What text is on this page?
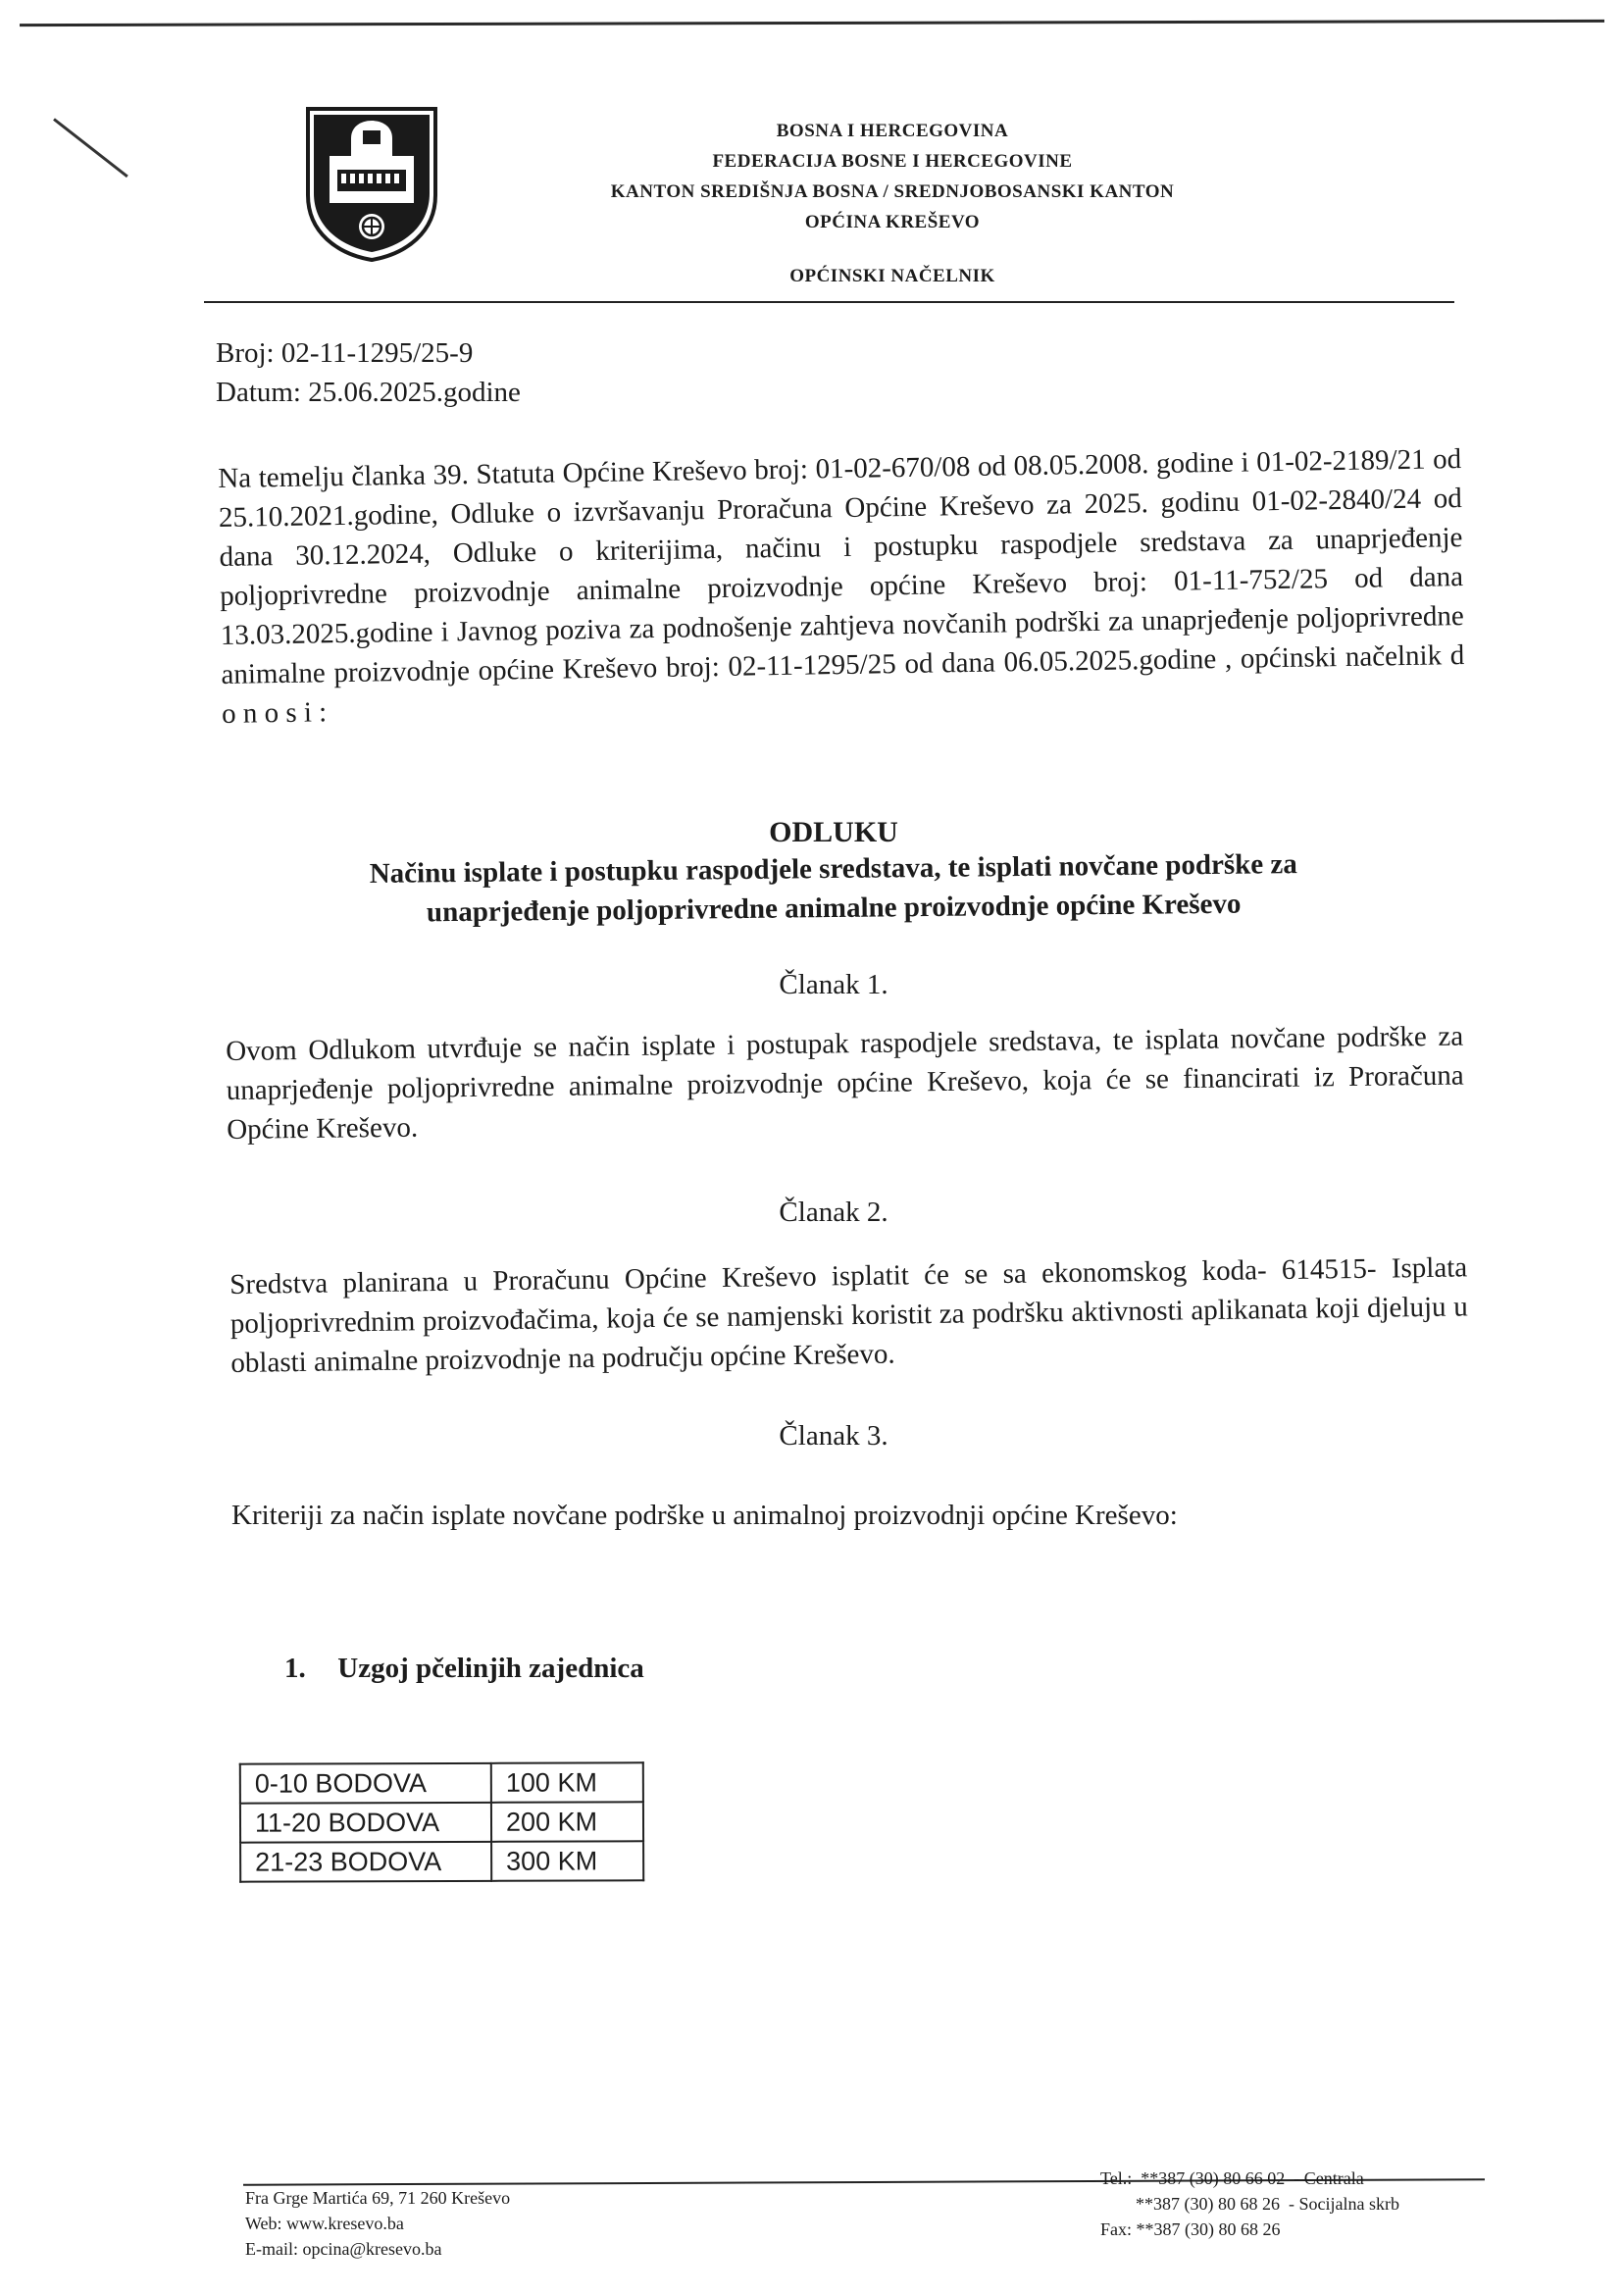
BOSNA I HERCEGOVINA
FEDERACIJA BOSNE I HERCEGOVINE
KANTON SREDIŠNJA BOSNA / SREDNJOBOSANSKI KANTON
OPĆINA KREŠEVO
OPĆINSKI NAČELNIK
Broj: 02-11-1295/25-9
Datum: 25.06.2025.godine
Na temelju članka 39. Statuta Općine Kreševo broj: 01-02-670/08 od 08.05.2008. godine i 01-02-2189/21 od 25.10.2021.godine, Odluke o izvršavanju Proračuna Općine Kreševo za 2025. godinu 01-02-2840/24 od dana 30.12.2024, Odluke o kriterijima, načinu i postupku raspodjele sredstava za unaprjeđenje poljoprivredne proizvodnje animalne proizvodnje općine Kreševo broj: 01-11-752/25 od dana 13.03.2025.godine i Javnog poziva za podnošenje zahtjeva novčanih podrški za unaprjeđenje poljoprivredne animalne proizvodnje općine Kreševo broj: 02-11-1295/25 od dana 06.05.2025.godine , općinski načelnik d o n o s i :
ODLUKU
Načinu isplate i postupku raspodjele sredstava, te isplati novčane podrške za
unaprjeđenje poljoprivredne animalne proizvodnje općine Kreševo
Članak 1.
Ovom Odlukom utvrđuje se način isplate i postupak raspodjele sredstava, te isplata novčane podrške za unaprjeđenje poljoprivredne animalne proizvodnje općine Kreševo, koja će se financirati iz Proračuna Općine Kreševo.
Članak 2.
Sredstva planirana u Proračunu Općine Kreševo isplatit će se sa ekonomskog koda- 614515- Isplata poljoprivrednim proizvođačima, koja će se namjenski koristit za podršku aktivnosti aplikanata koji djeluju u oblasti animalne proizvodnje na području općine Kreševo.
Članak 3.
Kriteriji za način isplate novčane podrške u animalnoj proizvodnji općine Kreševo:
1. Uzgoj pčelinjih zajednica
0-10 BODOVA	100 KM
11-20 BODOVA	200 KM
21-23 BODOVA	300 KM
Fra Grge Martića 69, 71 260 Kreševo
Web: www.kresevo.ba
E-mail: opcina@kresevo.ba
Tel.:  **387 (30) 80 66 02  - Centrala
**387 (30) 80 68 26  - Socijalna skrb
Fax: **387 (30) 80 68 26
